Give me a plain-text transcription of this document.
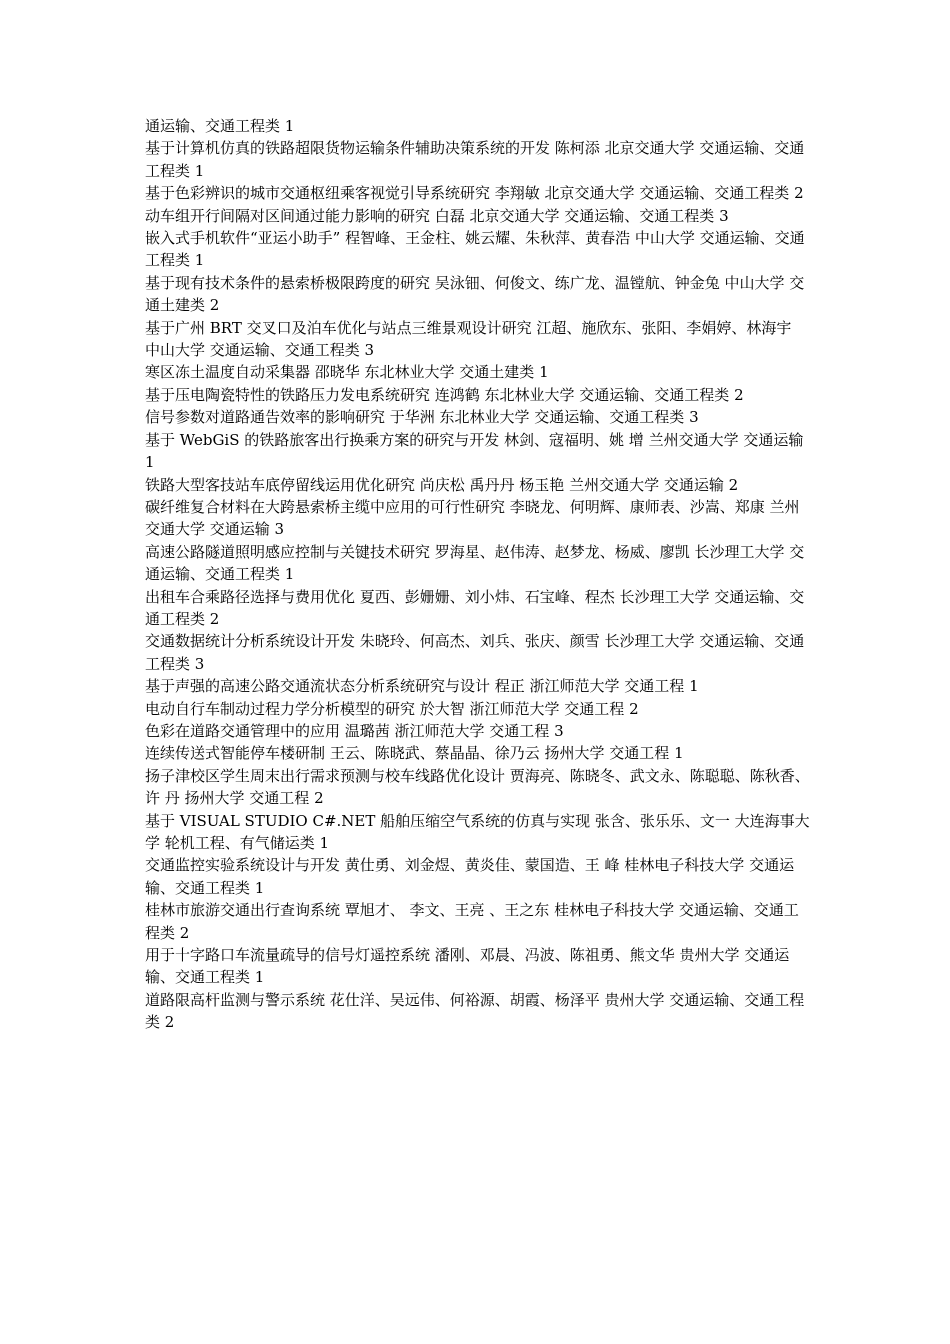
通运输、交通工程类 1

基于计算机仿真的铁路超限货物运输条件辅助决策系统的开发 陈柯添 北京交通大学 交通运输、交通工程类 1

基于色彩辨识的城市交通枢纽乘客视觉引导系统研究 李翔敏 北京交通大学 交通运输、交通工程类 2

动车组开行间隔对区间通过能力影响的研究 白磊 北京交通大学 交通运输、交通工程类 3

嵌入式手机软件“亚运小助手” 程智峰、王金柱、姚云耀、朱秋萍、黄春浩 中山大学 交通运输、交通工程类 1

基于现有技术条件的悬索桥极限跨度的研究 吴泳钿、何俊文、练广龙、温镗航、钟金兔 中山大学 交通土建类 2

基于广州 BRT 交叉口及泊车优化与站点三维景观设计研究 江超、施欣东、张阳、李娟婷、林海宇 中山大学 交通运输、交通工程类 3

寒区冻土温度自动采集器 邵晓华 东北林业大学 交通土建类 1

基于压电陶瓷特性的铁路压力发电系统研究 连鸿鹤 东北林业大学 交通运输、交通工程类 2

信号参数对道路通告效率的影响研究 于华洲 东北林业大学 交通运输、交通工程类 3

基于 WebGiS 的铁路旅客出行换乘方案的研究与开发 林剑、寇福明、姚 增 兰州交通大学 交通运输 1

铁路大型客技站车底停留线运用优化研究 尚庆松 禹丹丹 杨玉艳 兰州交通大学 交通运输 2

碳纤维复合材料在大跨悬索桥主缆中应用的可行性研究 李晓龙、何明辉、康师表、沙嵩、郑康 兰州交通大学 交通运输 3

高速公路隧道照明感应控制与关键技术研究 罗海星、赵伟涛、赵梦龙、杨威、廖凯 长沙理工大学 交通运输、交通工程类 1

出租车合乘路径选择与费用优化 夏西、彭姗姗、刘小炜、石宝峰、程杰 长沙理工大学 交通运输、交通工程类 2

交通数据统计分析系统设计开发 朱晓玲、何高杰、刘兵、张庆、颜雪 长沙理工大学 交通运输、交通工程类 3

基于声强的高速公路交通流状态分析系统研究与设计 程正 浙江师范大学 交通工程 1

电动自行车制动过程力学分析模型的研究 於大智 浙江师范大学 交通工程 2

色彩在道路交通管理中的应用 温璐茜 浙江师范大学 交通工程 3

连续传送式智能停车楼研制 王云、陈晓武、蔡晶晶、徐乃云 扬州大学 交通工程 1

扬子津校区学生周末出行需求预测与校车线路优化设计 贾海亮、陈晓冬、武文永、陈聪聪、陈秋香、许 丹 扬州大学 交通工程 2

基于 VISUAL STUDIO C#.NET 船舶压缩空气系统的仿真与实现 张含、张乐乐、文一 大连海事大学 轮机工程、有气储运类 1

交通监控实验系统设计与开发 黄仕勇、刘金煜、黄炎佳、蒙国造、王 峰 桂林电子科技大学 交通运输、交通工程类 1

桂林市旅游交通出行查询系统 覃旭才、 李文、王亮 、王之东 桂林电子科技大学 交通运输、交通工程类 2

用于十字路口车流量疏导的信号灯遥控系统 潘刚、邓晨、冯波、陈祖勇、熊文华 贵州大学 交通运输、交通工程类 1

道路限高杆监测与警示系统 花仕洋、吴远伟、何裕源、胡霞、杨泽平 贵州大学 交通运输、交通工程类 2
